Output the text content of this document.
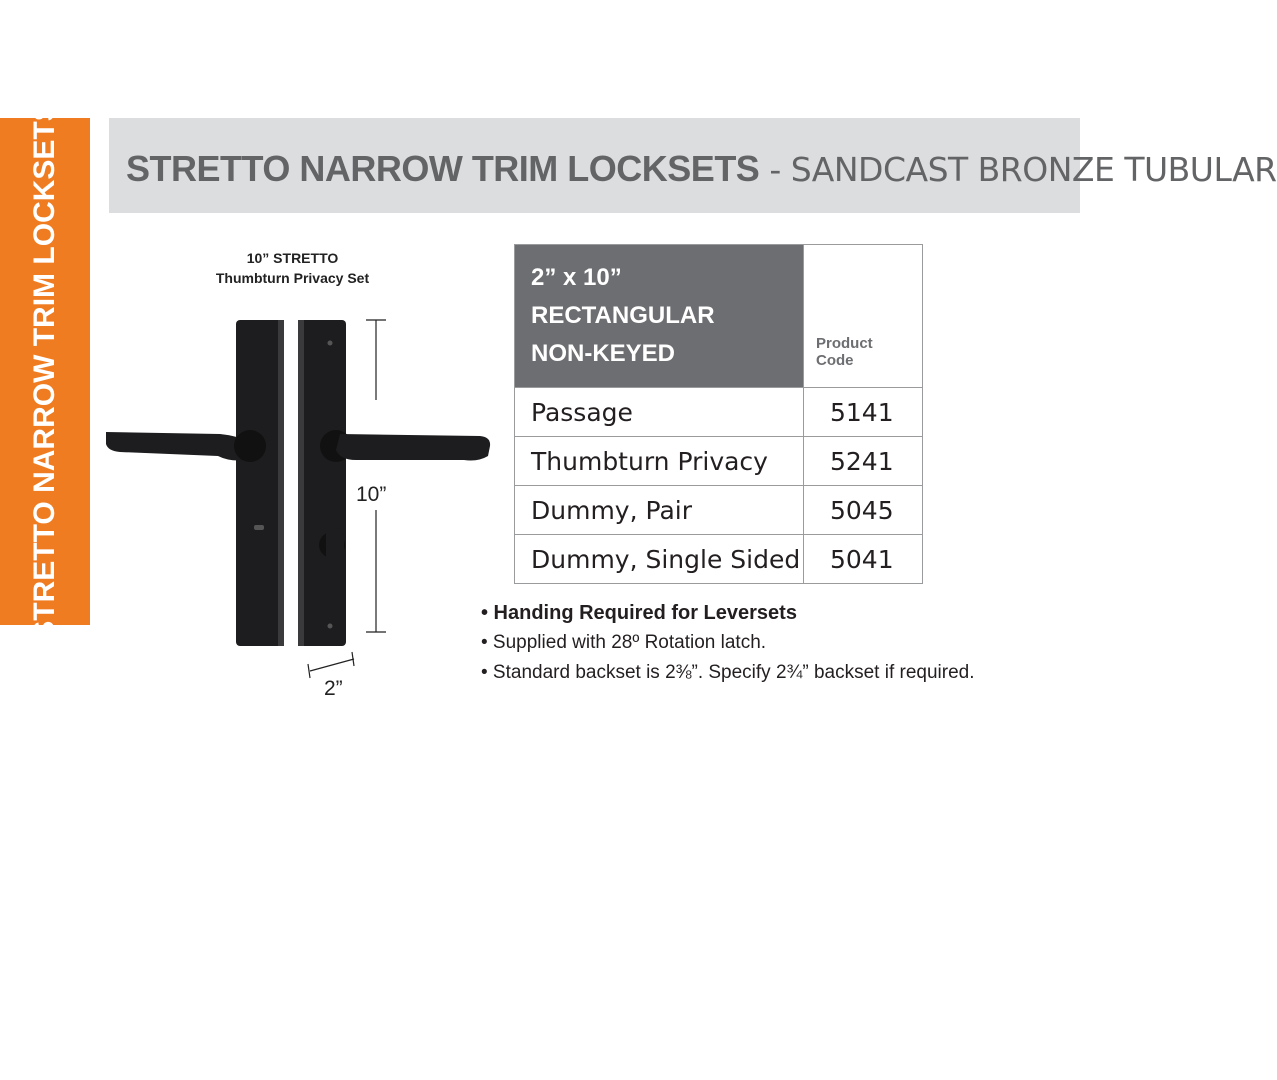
STRETTO NARROW TRIM LOCKSETS STRETTO NARROW TRIM LOCKSETS - SANDCAST BRONZE TUBULAR
10” STRETTO
Thumbturn Privacy Set
10”
2”
2” x 10” RECTANGULAR
NON-KEYED	Product Code
Passage	5141
Thumbturn Privacy	5241
Dummy, Pair	5045
Dummy, Single Sided	5041
• Handing Required for Leversets
• Supplied with 28º Rotation latch.
• Standard backset is 2⅜”. Specify 2¾” backset if required.
